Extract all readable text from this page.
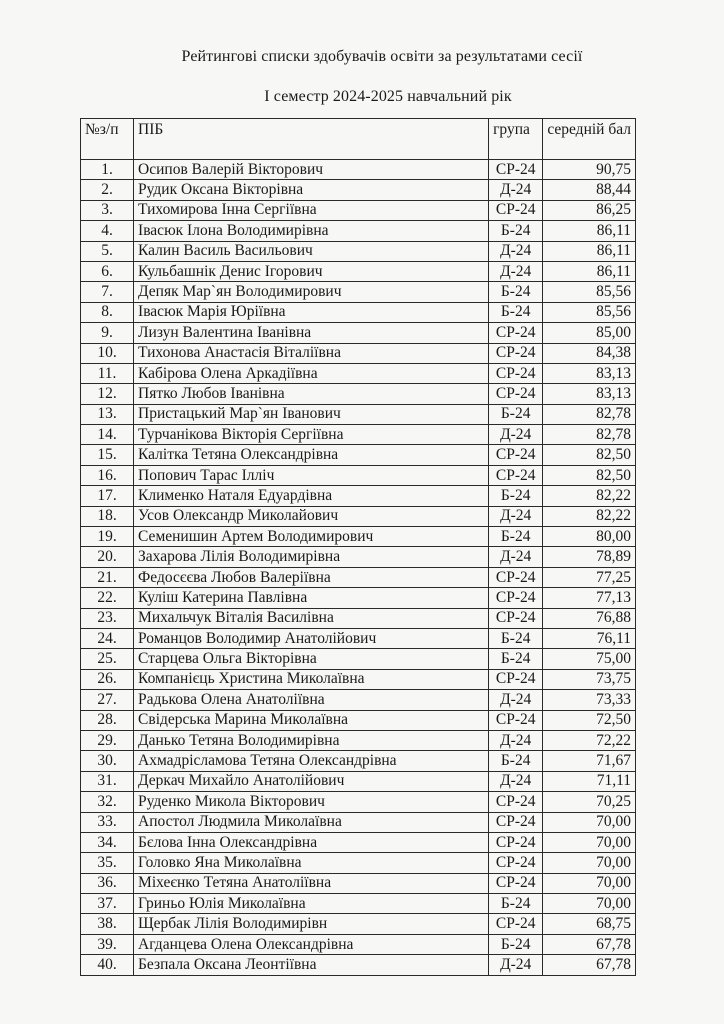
Рейтингові списки здобувачів освіти за результатами сесії
I семестр 2024-2025 навчальний рік
№з/п	ПІБ	група	середній бал
1.	Осипов Валерій Вікторович	СР-24	90,75
2.	Рудик Оксана Вікторівна	Д-24	88,44
3.	Тихомирова Інна Сергіївна	СР-24	86,25
4.	Івасюк Ілона Володимирівна	Б-24	86,11
5.	Калин Василь Васильович	Д-24	86,11
6.	Кульбашнік Денис Ігорович	Д-24	86,11
7.	Депяк Мар`ян Володимирович	Б-24	85,56
8.	Івасюк Марія Юріївна	Б-24	85,56
9.	Лизун Валентина Іванівна	СР-24	85,00
10.	Тихонова Анастасія Віталіївна	СР-24	84,38
11.	Кабірова Олена Аркадіївна	СР-24	83,13
12.	Пятко Любов Іванівна	СР-24	83,13
13.	Пристацький Мар`ян Іванович	Б-24	82,78
14.	Турчанікова Вікторія Сергіївна	Д-24	82,78
15.	Калітка Тетяна Олександрівна	СР-24	82,50
16.	Попович Тарас Ілліч	СР-24	82,50
17.	Клименко Наталя Едуардівна	Б-24	82,22
18.	Усов Олександр Миколайович	Д-24	82,22
19.	Семенишин Артем Володимирович	Б-24	80,00
20.	Захарова Лілія Володимирівна	Д-24	78,89
21.	Федосєєва Любов Валеріївна	СР-24	77,25
22.	Куліш Катерина Павлівна	СР-24	77,13
23.	Михальчук Віталія Василівна	СР-24	76,88
24.	Романцов Володимир Анатолійович	Б-24	76,11
25.	Старцева Ольга Вікторівна	Б-24	75,00
26.	Компанієць Христина Миколаївна	СР-24	73,75
27.	Радькова Олена Анатоліївна	Д-24	73,33
28.	Свідерська Марина Миколаївна	СР-24	72,50
29.	Данько Тетяна Володимирівна	Д-24	72,22
30.	Ахмадрісламова Тетяна Олександрівна	Б-24	71,67
31.	Деркач Михайло Анатолійович	Д-24	71,11
32.	Руденко Микола Вікторович	СР-24	70,25
33.	Апостол Людмила Миколаївна	СР-24	70,00
34.	Бєлова Інна Олександрівна	СР-24	70,00
35.	Головко Яна Миколаївна	СР-24	70,00
36.	Міхеєнко Тетяна Анатоліївна	СР-24	70,00
37.	Гриньо Юлія Миколаївна	Б-24	70,00
38.	Щербак Лілія Володимирівн	СР-24	68,75
39.	Агданцева Олена Олександрівна	Б-24	67,78
40.	Безпала Оксана Леонтіївна	Д-24	67,78
